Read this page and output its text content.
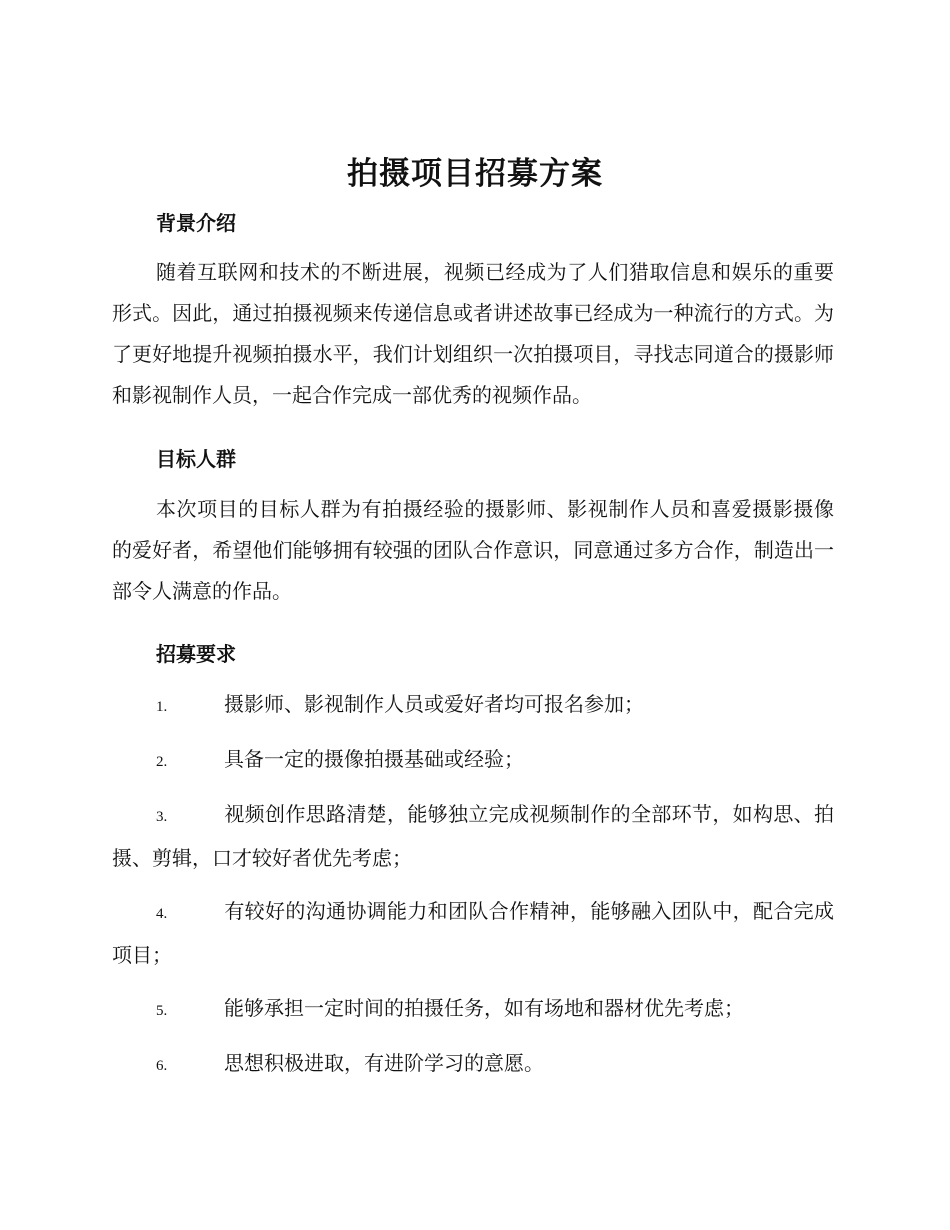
拍摄项目招募方案
背景介绍
随着互联网和技术的不断进展，视频已经成为了人们猎取信息和娱乐的重要形式。因此，通过拍摄视频来传递信息或者讲述故事已经成为一种流行的方式。为了更好地提升视频拍摄水平，我们计划组织一次拍摄项目，寻找志同道合的摄影师和影视制作人员，一起合作完成一部优秀的视频作品。
目标人群
本次项目的目标人群为有拍摄经验的摄影师、影视制作人员和喜爱摄影摄像的爱好者，希望他们能够拥有较强的团队合作意识，同意通过多方合作，制造出一部令人满意的作品。
招募要求
1.	摄影师、影视制作人员或爱好者均可报名参加；
2.	具备一定的摄像拍摄基础或经验；
3.	视频创作思路清楚，能够独立完成视频制作的全部环节，如构思、拍摄、剪辑，口才较好者优先考虑；
4.	有较好的沟通协调能力和团队合作精神，能够融入团队中，配合完成项目；
5.	能够承担一定时间的拍摄任务，如有场地和器材优先考虑；
6.	思想积极进取，有进阶学习的意愿。
